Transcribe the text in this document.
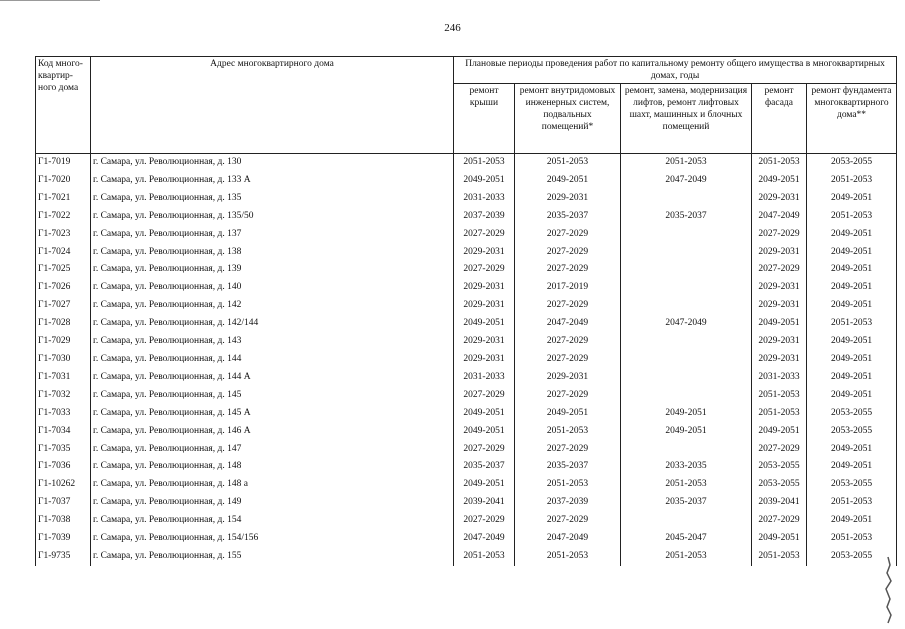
246
Код много-квартир-ного дома	Адрес многоквартирного дома	Плановые периоды проведения работ по капитальному ремонту общего имущества в многоквартирных домах, годы				
		ремонт крыши	ремонт внутридомовых инженерных систем, подвальных помещений*	ремонт, замена, модернизация лифтов, ремонт лифтовых шахт, машинных и блочных помещений	ремонт фасада	ремонт фундамента многоквартирного дома**
Г1-7019	г. Самара, ул. Революционная, д. 130	2051-2053	2051-2053	2051-2053	2051-2053	2053-2055
Г1-7020	г. Самара, ул. Революционная, д. 133 А	2049-2051	2049-2051	2047-2049	2049-2051	2051-2053
Г1-7021	г. Самара, ул. Революционная, д. 135	2031-2033	2029-2031		2029-2031	2049-2051
Г1-7022	г. Самара, ул. Революционная, д. 135/50	2037-2039	2035-2037	2035-2037	2047-2049	2051-2053
Г1-7023	г. Самара, ул. Революционная, д. 137	2027-2029	2027-2029		2027-2029	2049-2051
Г1-7024	г. Самара, ул. Революционная, д. 138	2029-2031	2027-2029		2029-2031	2049-2051
Г1-7025	г. Самара, ул. Революционная, д. 139	2027-2029	2027-2029		2027-2029	2049-2051
Г1-7026	г. Самара, ул. Революционная, д. 140	2029-2031	2017-2019		2029-2031	2049-2051
Г1-7027	г. Самара, ул. Революционная, д. 142	2029-2031	2027-2029		2029-2031	2049-2051
Г1-7028	г. Самара, ул. Революционная, д. 142/144	2049-2051	2047-2049	2047-2049	2049-2051	2051-2053
Г1-7029	г. Самара, ул. Революционная, д. 143	2029-2031	2027-2029		2029-2031	2049-2051
Г1-7030	г. Самара, ул. Революционная, д. 144	2029-2031	2027-2029		2029-2031	2049-2051
Г1-7031	г. Самара, ул. Революционная, д. 144 А	2031-2033	2029-2031		2031-2033	2049-2051
Г1-7032	г. Самара, ул. Революционная, д. 145	2027-2029	2027-2029		2051-2053	2049-2051
Г1-7033	г. Самара, ул. Революционная, д. 145 А	2049-2051	2049-2051	2049-2051	2051-2053	2053-2055
Г1-7034	г. Самара, ул. Революционная, д. 146 А	2049-2051	2051-2053	2049-2051	2049-2051	2053-2055
Г1-7035	г. Самара, ул. Революционная, д. 147	2027-2029	2027-2029		2027-2029	2049-2051
Г1-7036	г. Самара, ул. Революционная, д. 148	2035-2037	2035-2037	2033-2035	2053-2055	2049-2051
Г1-10262	г. Самара, ул. Революционная, д. 148 а	2049-2051	2051-2053	2051-2053	2053-2055	2053-2055
Г1-7037	г. Самара, ул. Революционная, д. 149	2039-2041	2037-2039	2035-2037	2039-2041	2051-2053
Г1-7038	г. Самара, ул. Революционная, д. 154	2027-2029	2027-2029		2027-2029	2049-2051
Г1-7039	г. Самара, ул. Революционная, д. 154/156	2047-2049	2047-2049	2045-2047	2049-2051	2051-2053
Г1-9735	г. Самара, ул. Революционная, д. 155	2051-2053	2051-2053	2051-2053	2051-2053	2053-2055
